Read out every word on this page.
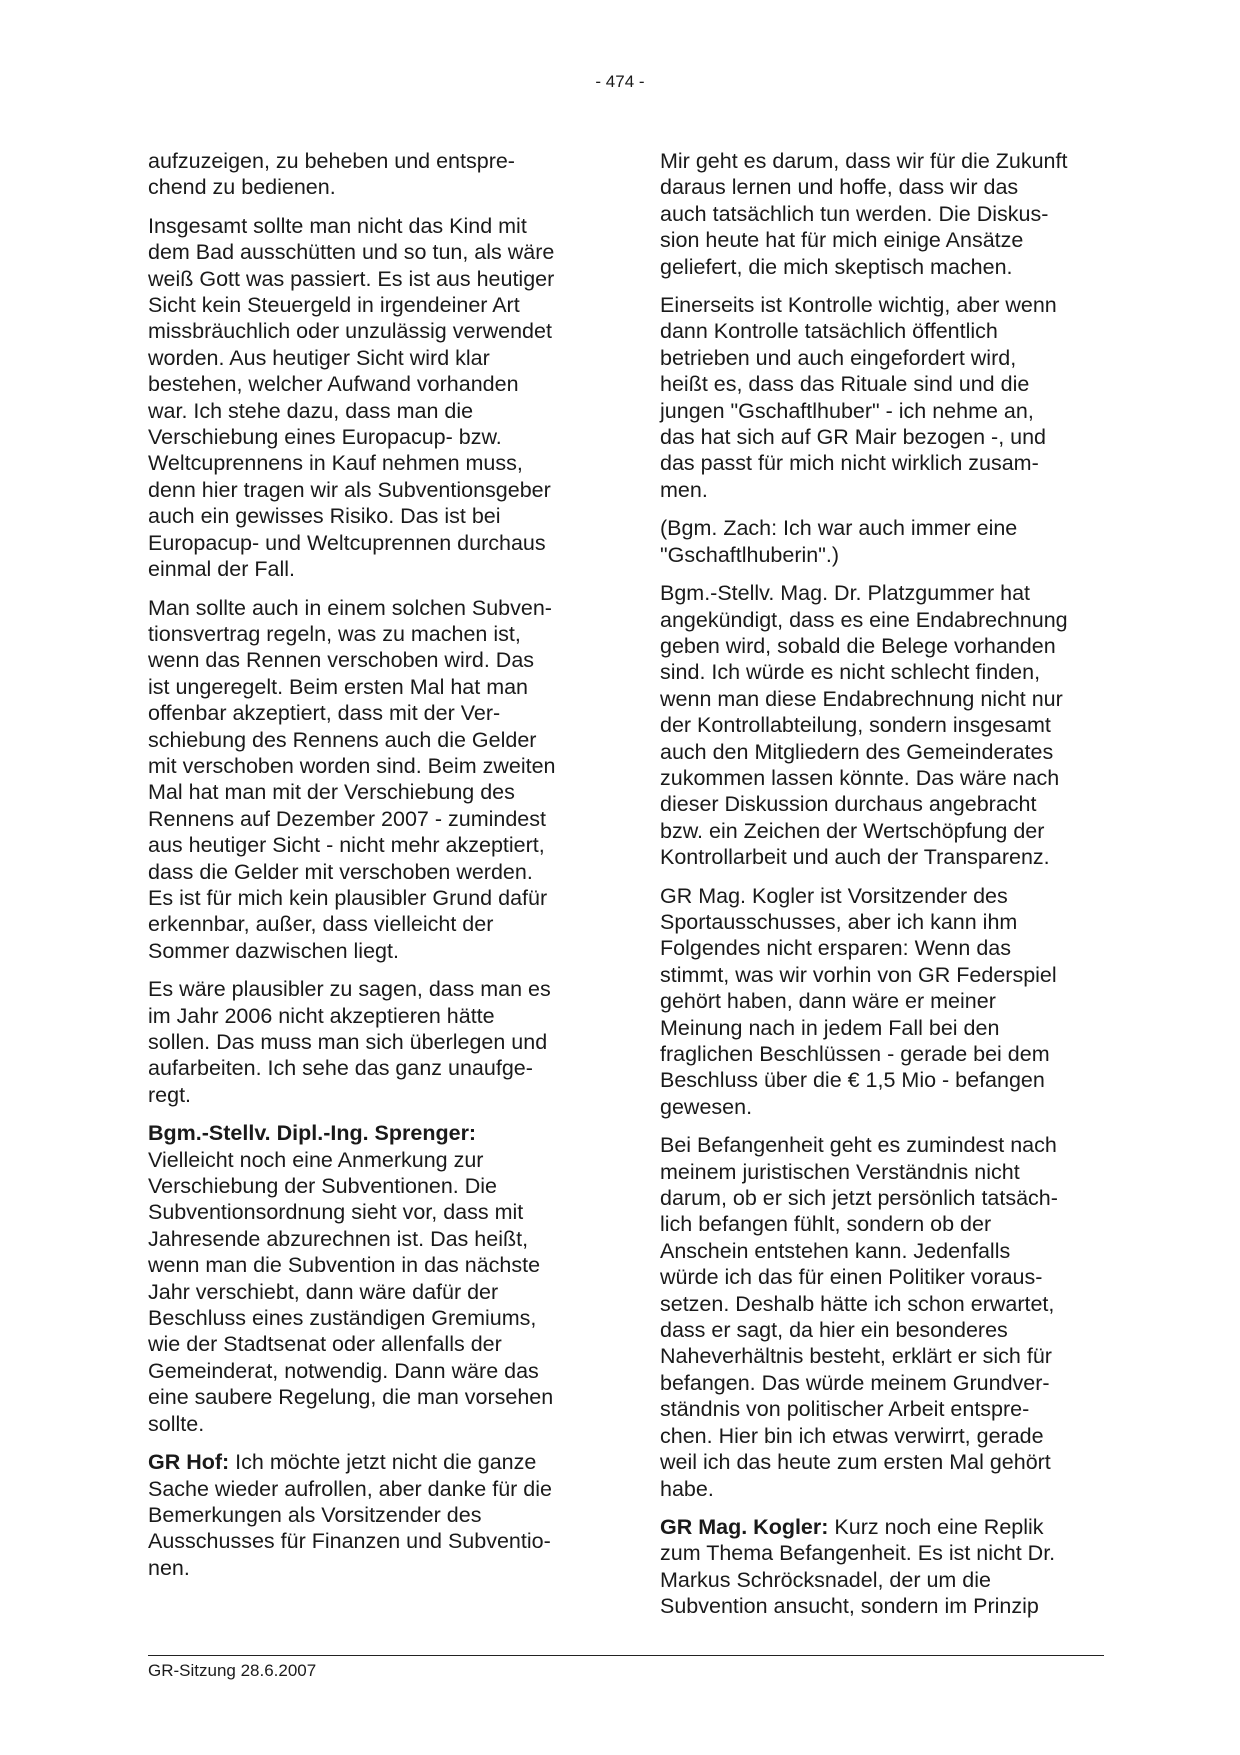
- 474 -

aufzuzeigen, zu beheben und entspre-
chend zu bedienen.

Insgesamt sollte man nicht das Kind mit
dem Bad ausschütten und so tun, als wäre
weiß Gott was passiert. Es ist aus heutiger
Sicht kein Steuergeld in irgendeiner Art
missbräuchlich oder unzulässig verwendet
worden. Aus heutiger Sicht wird klar
bestehen, welcher Aufwand vorhanden
war. Ich stehe dazu, dass man die
Verschiebung eines Europacup- bzw.
Weltcuprennens in Kauf nehmen muss,
denn hier tragen wir als Subventionsgeber
auch ein gewisses Risiko. Das ist bei
Europacup- und Weltcuprennen durchaus
einmal der Fall.

Man sollte auch in einem solchen Subven-
tionsvertrag regeln, was zu machen ist,
wenn das Rennen verschoben wird. Das
ist ungeregelt. Beim ersten Mal hat man
offenbar akzeptiert, dass mit der Ver-
schiebung des Rennens auch die Gelder
mit verschoben worden sind. Beim zweiten
Mal hat man mit der Verschiebung des
Rennens auf Dezember 2007 - zumindest
aus heutiger Sicht - nicht mehr akzeptiert,
dass die Gelder mit verschoben werden.
Es ist für mich kein plausibler Grund dafür
erkennbar, außer, dass vielleicht der
Sommer dazwischen liegt.

Es wäre plausibler zu sagen, dass man es
im Jahr 2006 nicht akzeptieren hätte
sollen. Das muss man sich überlegen und
aufarbeiten. Ich sehe das ganz unaufge-
regt.

Bgm.-Stellv. Dipl.-Ing. Sprenger:
Vielleicht noch eine Anmerkung zur
Verschiebung der Subventionen. Die
Subventionsordnung sieht vor, dass mit
Jahresende abzurechnen ist. Das heißt,
wenn man die Subvention in das nächste
Jahr verschiebt, dann wäre dafür der
Beschluss eines zuständigen Gremiums,
wie der Stadtsenat oder allenfalls der
Gemeinderat, notwendig. Dann wäre das
eine saubere Regelung, die man vorsehen
sollte.

GR Hof: Ich möchte jetzt nicht die ganze
Sache wieder aufrollen, aber danke für die
Bemerkungen als Vorsitzender des
Ausschusses für Finanzen und Subventio-
nen.

Mir geht es darum, dass wir für die Zukunft
daraus lernen und hoffe, dass wir das
auch tatsächlich tun werden. Die Diskus-
sion heute hat für mich einige Ansätze
geliefert, die mich skeptisch machen.

Einerseits ist Kontrolle wichtig, aber wenn
dann Kontrolle tatsächlich öffentlich
betrieben und auch eingefordert wird,
heißt es, dass das Rituale sind und die
jungen "Gschaftlhuber" - ich nehme an,
das hat sich auf GR Mair bezogen -, und
das passt für mich nicht wirklich zusam-
men.

(Bgm. Zach: Ich war auch immer eine
"Gschaftlhuberin".)

Bgm.-Stellv. Mag. Dr. Platzgummer hat
angekündigt, dass es eine Endabrechnung
geben wird, sobald die Belege vorhanden
sind. Ich würde es nicht schlecht finden,
wenn man diese Endabrechnung nicht nur
der Kontrollabteilung, sondern insgesamt
auch den Mitgliedern des Gemeinderates
zukommen lassen könnte. Das wäre nach
dieser Diskussion durchaus angebracht
bzw. ein Zeichen der Wertschöpfung der
Kontrollarbeit und auch der Transparenz.

GR Mag. Kogler ist Vorsitzender des
Sportausschusses, aber ich kann ihm
Folgendes nicht ersparen: Wenn das
stimmt, was wir vorhin von GR Federspiel
gehört haben, dann wäre er meiner
Meinung nach in jedem Fall bei den
fraglichen Beschlüssen - gerade bei dem
Beschluss über die € 1,5 Mio - befangen
gewesen.

Bei Befangenheit geht es zumindest nach
meinem juristischen Verständnis nicht
darum, ob er sich jetzt persönlich tatsäch-
lich befangen fühlt, sondern ob der
Anschein entstehen kann. Jedenfalls
würde ich das für einen Politiker voraus-
setzen. Deshalb hätte ich schon erwartet,
dass er sagt, da hier ein besonderes
Naheverhältnis besteht, erklärt er sich für
befangen. Das würde meinem Grundver-
ständnis von politischer Arbeit entspre-
chen. Hier bin ich etwas verwirrt, gerade
weil ich das heute zum ersten Mal gehört
habe.

GR Mag. Kogler: Kurz noch eine Replik
zum Thema Befangenheit. Es ist nicht Dr.
Markus Schröcksnadel, der um die
Subvention ansucht, sondern im Prinzip

GR-Sitzung 28.6.2007
